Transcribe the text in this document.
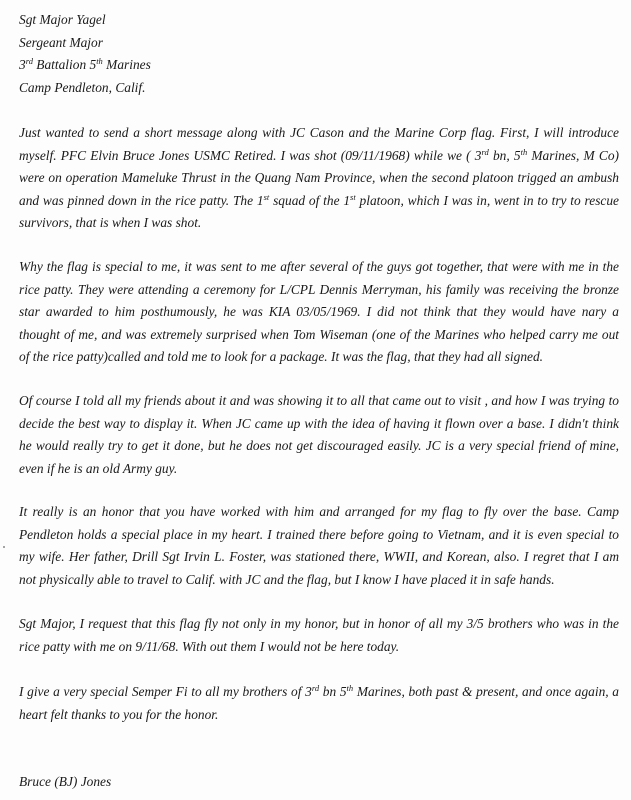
Sgt Major Yagel
Sergeant Major
3rd Battalion 5th Marines
Camp Pendleton, Calif.
Just wanted to send a short message along with JC Cason and the Marine Corp flag. First, I will introduce
myself. PFC Elvin Bruce Jones USMC Retired. I was shot (09/11/1968) while we ( 3rd bn, 5th Marines, M Co)
were on operation Mameluke Thrust in the Quang Nam Province, when the second platoon trigged an ambush
and was pinned down in the rice patty. The 1st squad of the 1st platoon, which I was in, went in to try to rescue
survivors, that is when I was shot.
Why the flag is special to me, it was sent to me after several of the guys got together, that were with me in the
rice patty. They were attending a ceremony for L/CPL Dennis Merryman, his family was receiving the bronze
star awarded to him posthumously, he was KIA 03/05/1969. I did not think that they would have nary a
thought of me, and was extremely surprised when Tom Wiseman (one of the Marines who helped carry me out
of the rice patty)called and told me to look for a package. It was the flag, that they had all signed.
Of course I told all my friends about it and was showing it to all that came out to visit , and how I was trying to
decide the best way to display it. When JC came up with the idea of having it flown over a base. I didn't think
he would really try to get it done, but he does not get discouraged easily. JC is a very special friend of mine,
even if he is an old Army guy.
It really is an honor that you have worked with him and arranged for my flag to fly over the base. Camp
Pendleton holds a special place in my heart. I trained there before going to Vietnam, and it is even special to
my wife. Her father, Drill Sgt Irvin L. Foster, was stationed there, WWII, and Korean, also. I regret that I am
not physically able to travel to Calif. with JC and the flag, but I know I have placed it in safe hands.
Sgt Major, I request that this flag fly not only in my honor, but in honor of all my 3/5 brothers who was in the
rice patty with me on 9/11/68. With out them I would not be here today.
I give a very special Semper Fi to all my brothers of 3rd bn 5th Marines, both past & present, and once again, a
heart felt thanks to you for the honor.
Bruce (BJ) Jones
